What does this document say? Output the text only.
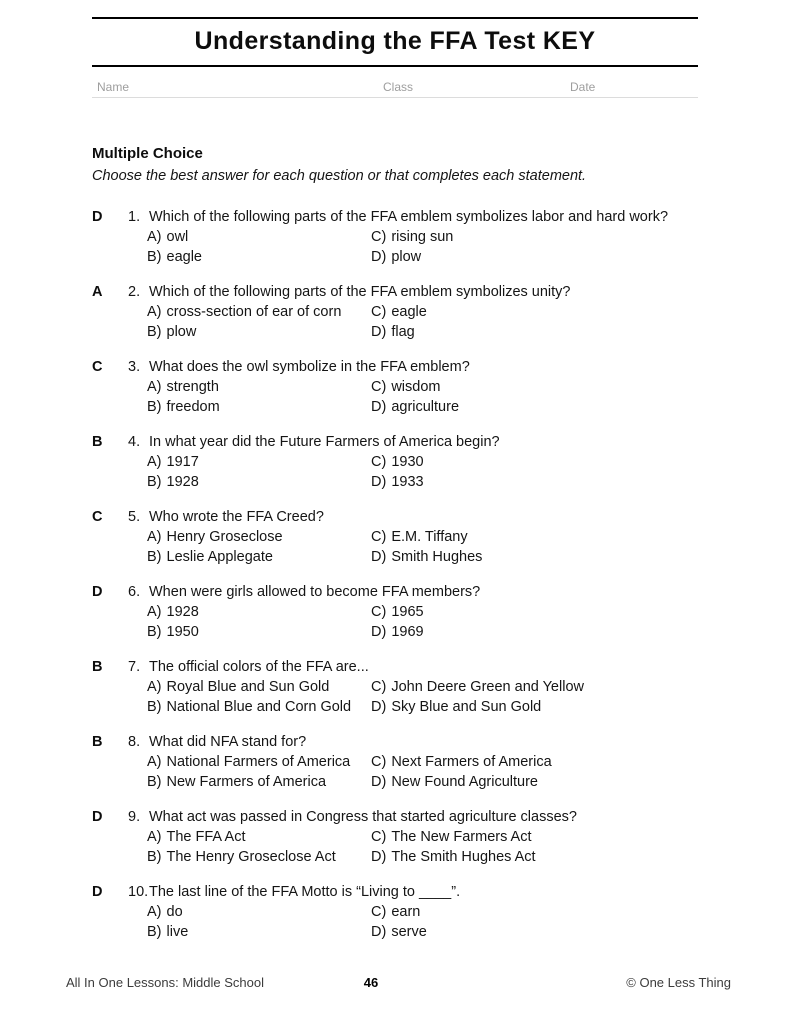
Understanding the FFA Test KEY
Name	Class	Date
Multiple Choice
Choose the best answer for each question or that completes each statement.
D 1. Which of the following parts of the FFA emblem symbolizes labor and hard work?
A) owl	C) rising sun
B) eagle	D) plow
A 2. Which of the following parts of the FFA emblem symbolizes unity?
A) cross-section of ear of corn	C) eagle
B) plow	D) flag
C 3. What does the owl symbolize in the FFA emblem?
A) strength	C) wisdom
B) freedom	D) agriculture
B 4. In what year did the Future Farmers of America begin?
A) 1917	C) 1930
B) 1928	D) 1933
C 5. Who wrote the FFA Creed?
A) Henry Groseclose	C) E.M. Tiffany
B) Leslie Applegate	D) Smith Hughes
D 6. When were girls allowed to become FFA members?
A) 1928	C) 1965
B) 1950	D) 1969
B 7. The official colors of the FFA are...
A) Royal Blue and Sun Gold	C) John Deere Green and Yellow
B) National Blue and Corn Gold	D) Sky Blue and Sun Gold
B 8. What did NFA stand for?
A) National Farmers of America	C) Next Farmers of America
B) New Farmers of America	D) New Found Agriculture
D 9. What act was passed in Congress that started agriculture classes?
A) The FFA Act	C) The New Farmers Act
B) The Henry Groseclose Act	D) The Smith Hughes Act
D 10.The last line of the FFA Motto is “Living to ____”.
A) do	C) earn
B) live	D) serve
All In One Lessons: Middle School	46	© One Less Thing
